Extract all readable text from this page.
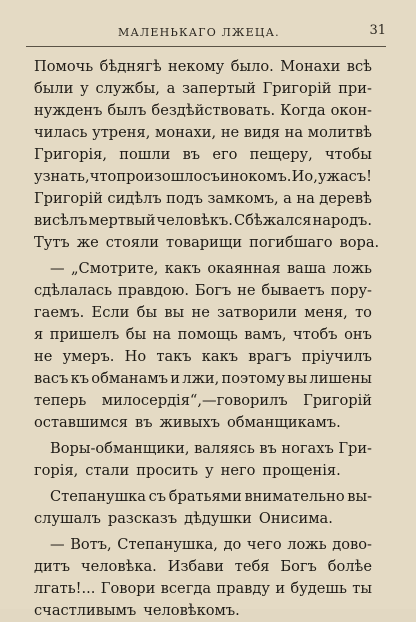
МАЛЕНЬКАГО ЛЖЕЦА.	31
Помочь бѣднягѣ некому было. Монахи всѣ
были у службы, а запертый Григорій при-
нужденъ былъ бездѣйствовать. Когда окон-
чилась утреня, монахи, не видя на молитвѣ
Григорія, пошли въ его пещеру, чтобы
узнать, что произошло съ инокомъ. И о, ужасъ!
Григорій сидѣлъ подъ замкомъ, а на деревѣ
висѣлъ мертвый человѣкъ. Сбѣжался народъ.
Тутъ же стояли товарищи погибшаго вора.
— „Смотрите, какъ окаянная ваша ложь
сдѣлалась правдою. Богъ не бываетъ пору-
гаемъ. Если бы вы не затворили меня, то
я пришелъ бы на помощь вамъ, чтобъ онъ
не умеръ. Но такъ какъ врагъ пріучилъ
васъ къ обманамъ и лжи, поэтому вы лишены
теперь милосердія“,—говорилъ Григорій
оставшимся въ живыхъ обманщикамъ.
Воры-обманщики, валяясь въ ногахъ Гри-
горія, стали просить у него прощенія.
Степанушка съ братьями внимательно вы-
слушалъ разсказъ дѣдушки Онисима.
— Вотъ, Степанушка, до чего ложь дово-
дитъ человѣка. Избави тебя Богъ болѣе
лгать!... Говори всегда правду и будешь ты
счастливымъ человѣкомъ.
